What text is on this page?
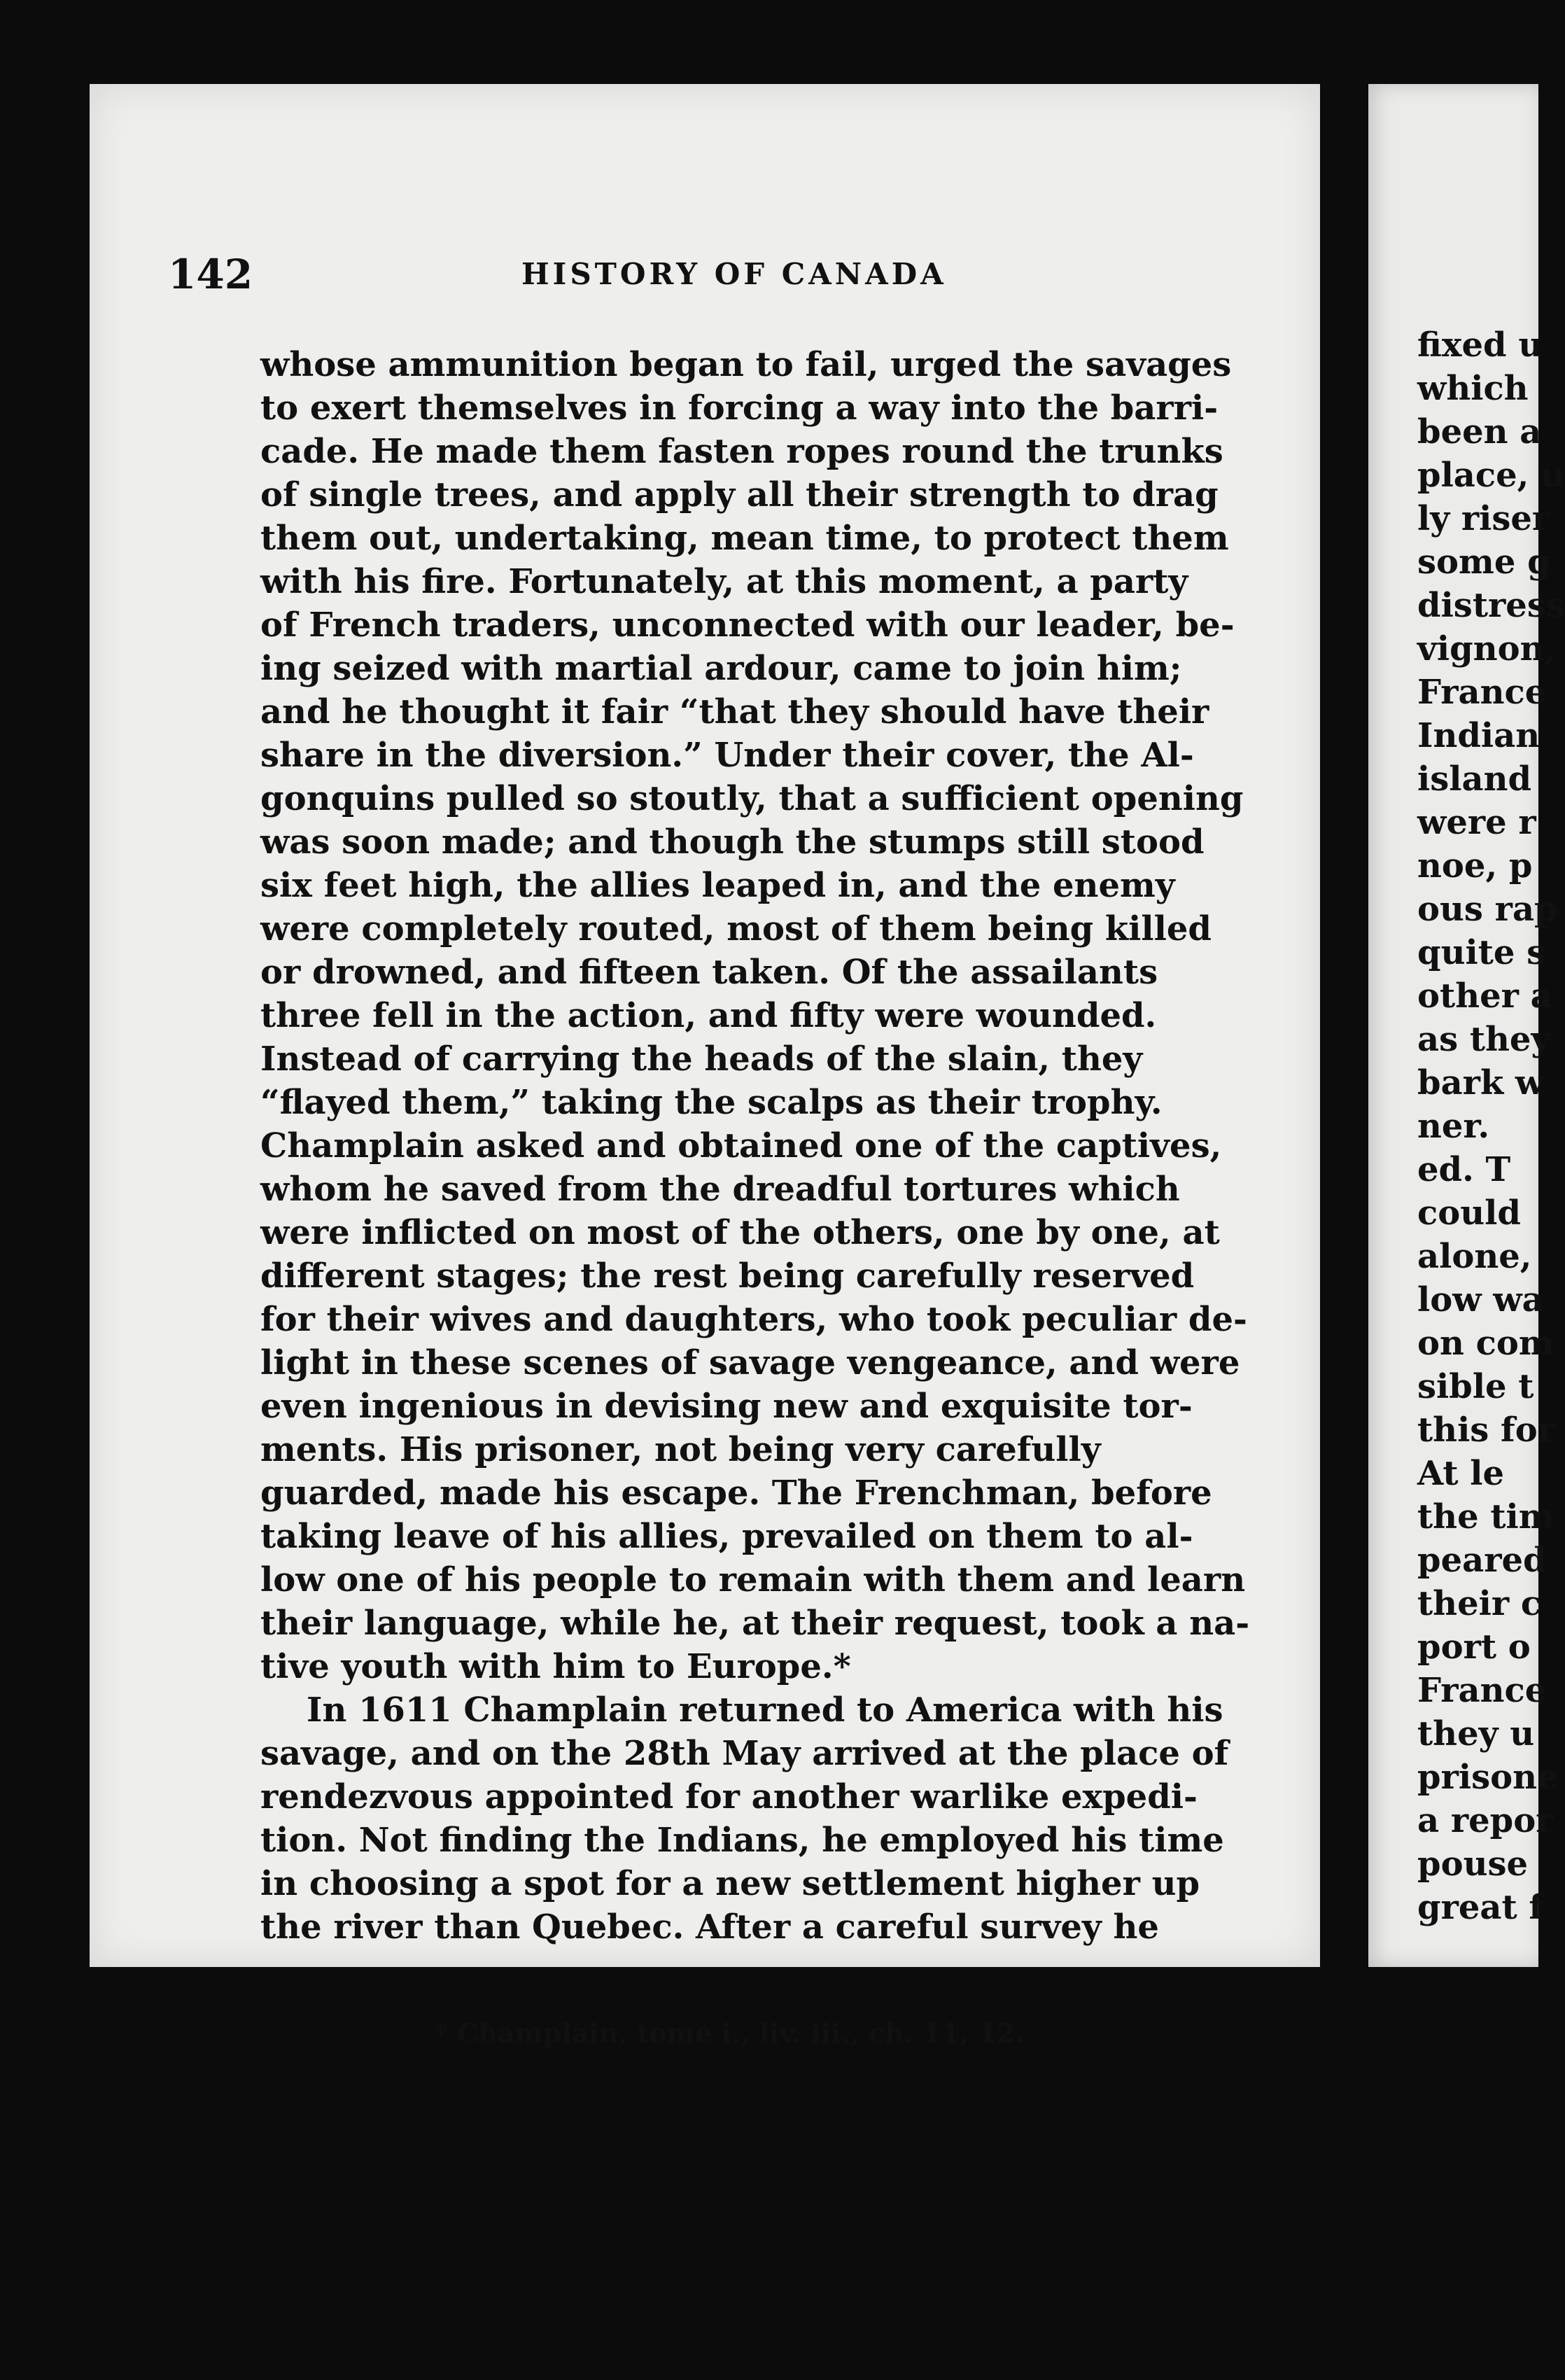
142	HISTORY OF CANADA
whose ammunition began to fail, urged the savages
to exert themselves in forcing a way into the barri-
cade. He made them fasten ropes round the trunks
of single trees, and apply all their strength to drag
them out, undertaking, mean time, to protect them
with his fire. Fortunately, at this moment, a party
of French traders, unconnected with our leader, be-
ing seized with martial ardour, came to join him;
and he thought it fair “that they should have their
share in the diversion.” Under their cover, the Al-
gonquins pulled so stoutly, that a sufficient opening
was soon made; and though the stumps still stood
six feet high, the allies leaped in, and the enemy
were completely routed, most of them being killed
or drowned, and fifteen taken. Of the assailants
three fell in the action, and fifty were wounded.
Instead of carrying the heads of the slain, they
“flayed them,” taking the scalps as their trophy.
Champlain asked and obtained one of the captives,
whom he saved from the dreadful tortures which
were inflicted on most of the others, one by one, at
different stages; the rest being carefully reserved
for their wives and daughters, who took peculiar de-
light in these scenes of savage vengeance, and were
even ingenious in devising new and exquisite tor-
ments. His prisoner, not being very carefully
guarded, made his escape. The Frenchman, before
taking leave of his allies, prevailed on them to al-
low one of his people to remain with them and learn
their language, while he, at their request, took a na-
tive youth with him to Europe.*
In 1611 Champlain returned to America with his
savage, and on the 28th May arrived at the place of
rendezvous appointed for another warlike expedi-
tion. Not finding the Indians, he employed his time
in choosing a spot for a new settlement higher up
the river than Quebec. After a careful survey he
* Champlain, tome i., liv. iii., ch. 11, 12.
fixed u
which
been a
place, u
ly riser
some g
distress
vignon,
France
Indian
island
were r
noe, p
ous rap
quite s
other a
as they
bark w
ner.
ed. T
could
alone,
low wa
on com
sible t
this for
At le
the tim
peared
their c
port o
France
they u
prisone
a repor
pouse
great f
